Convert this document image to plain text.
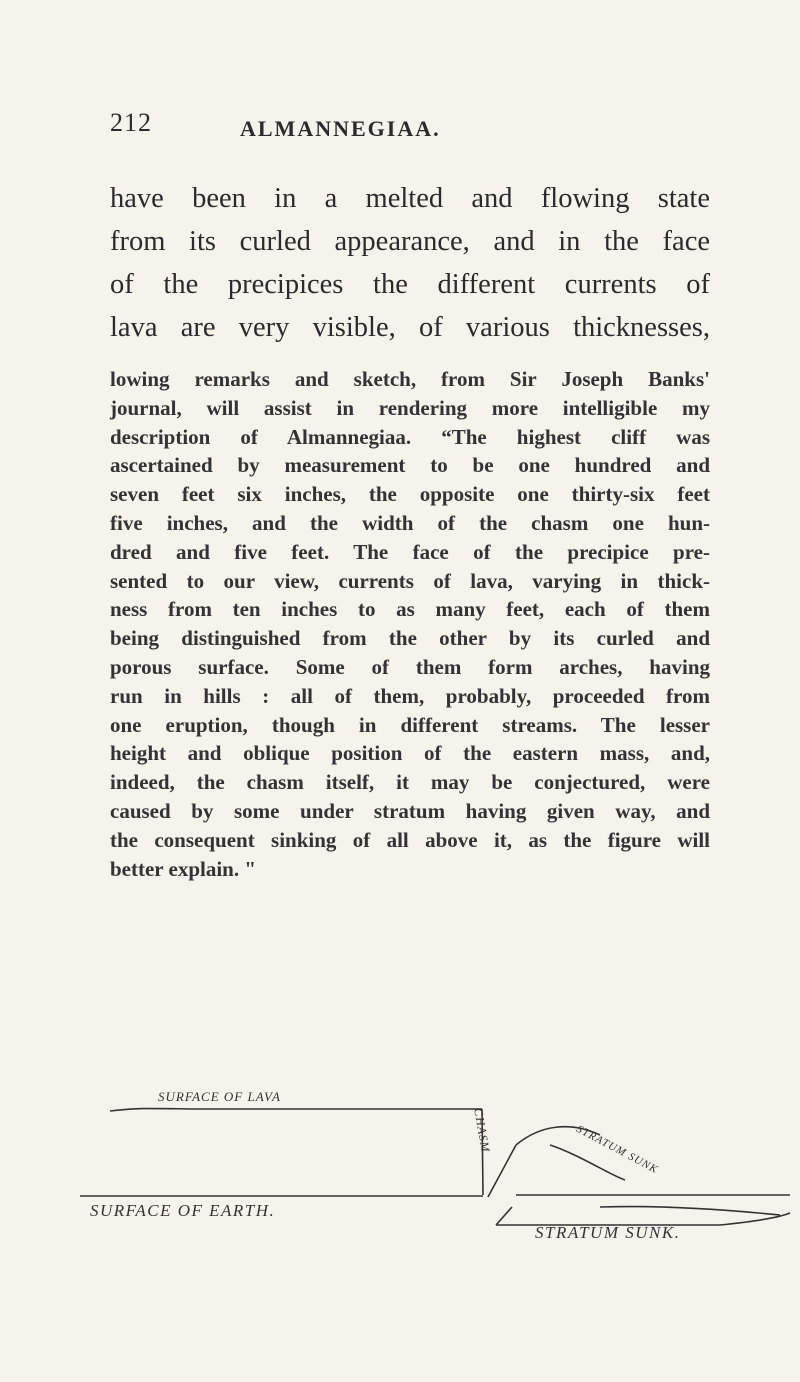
212	ALMANNEGIAA.

have been in a melted and flowing state
from its curled appearance, and in the face
of the precipices the different currents of
lava are very visible, of various thicknesses,

lowing remarks and sketch, from Sir Joseph Banks'
journal, will assist in rendering more intelligible my
description of Almannegiaa. “The highest cliff was
ascertained by measurement to be one hundred and
seven feet six inches, the opposite one thirty-six feet
five inches, and the width of the chasm one hun-
dred and five feet. The face of the precipice pre-
sented to our view, currents of lava, varying in thick-
ness from ten inches to as many feet, each of them
being distinguished from the other by its curled and
porous surface. Some of them form arches, having
run in hills : all of them, probably, proceeded from
one eruption, though in different streams. The lesser
height and oblique position of the eastern mass, and,
indeed, the chasm itself, it may be conjectured, were
caused by some under stratum having given way, and
the consequent sinking of all above it, as the figure will
better explain. "

SURFACE OF LAVA
CHASM	STRATUM SUNK
SURFACE OF EARTH.
STRATUM SUNK.
